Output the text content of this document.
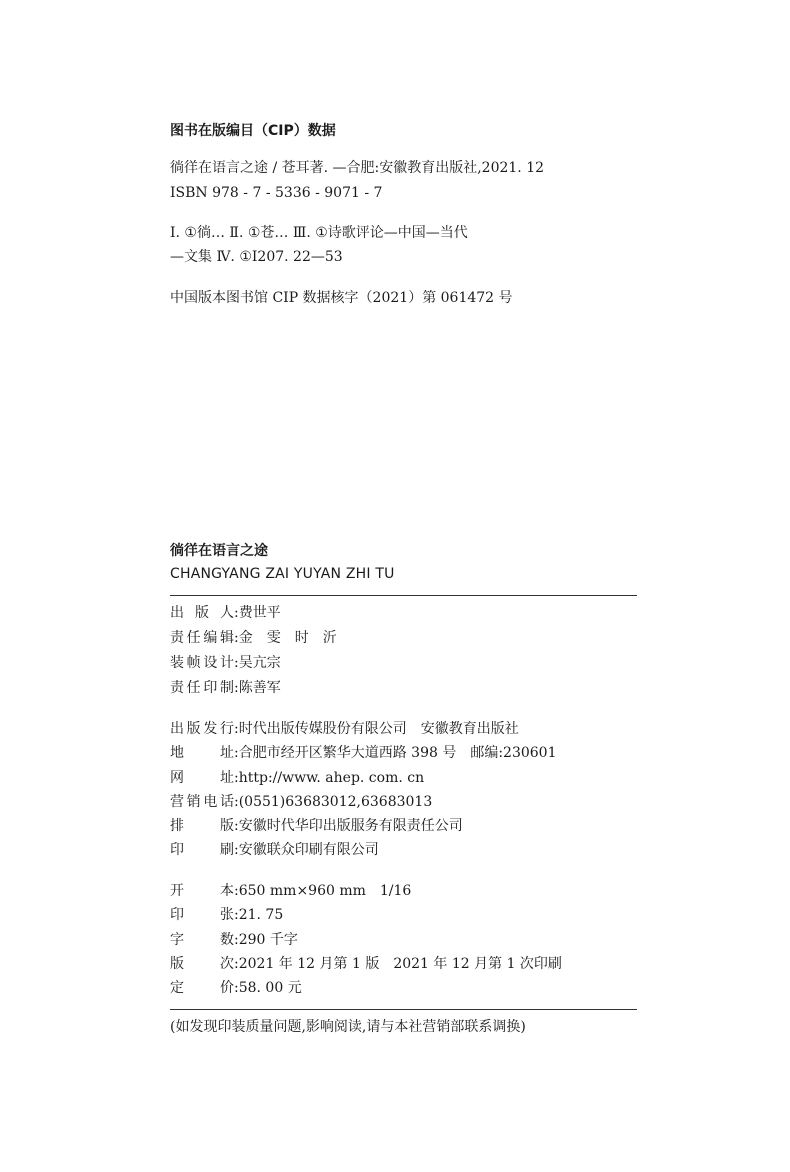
图书在版编目（CIP）数据
徜徉在语言之途 / 苍耳著. —合肥:安徽教育出版社,2021. 12
ISBN 978 - 7 - 5336 - 9071 - 7
Ⅰ. ①徜… Ⅱ. ①苍… Ⅲ. ①诗歌评论—中国—当代
—文集 Ⅳ. ①Ⅰ207. 22—53
中国版本图书馆 CIP 数据核字（2021）第 061472 号
徜徉在语言之途
CHANGYANG ZAI YUYAN ZHI TU
出版人 : 费世平
责任编辑 : 金　雯　时　沂
装帧设计 : 吴亢宗
责任印制 : 陈善军
出版发行 : 时代出版传媒股份有限公司　安徽教育出版社
地址 : 合肥市经开区繁华大道西路 398 号　邮编:230601
网址 : http://www. ahep. com. cn
营销电话 : (0551)63683012,63683013
排版 : 安徽时代华印出版服务有限责任公司
印刷 : 安徽联众印刷有限公司
开本 : 650 mm×960 mm　1/16
印张 : 21. 75
字数 : 290 千字
版次 : 2021 年 12 月第 1 版　2021 年 12 月第 1 次印刷
定价 : 58. 00 元
(如发现印装质量问题,影响阅读,请与本社营销部联系调换)
